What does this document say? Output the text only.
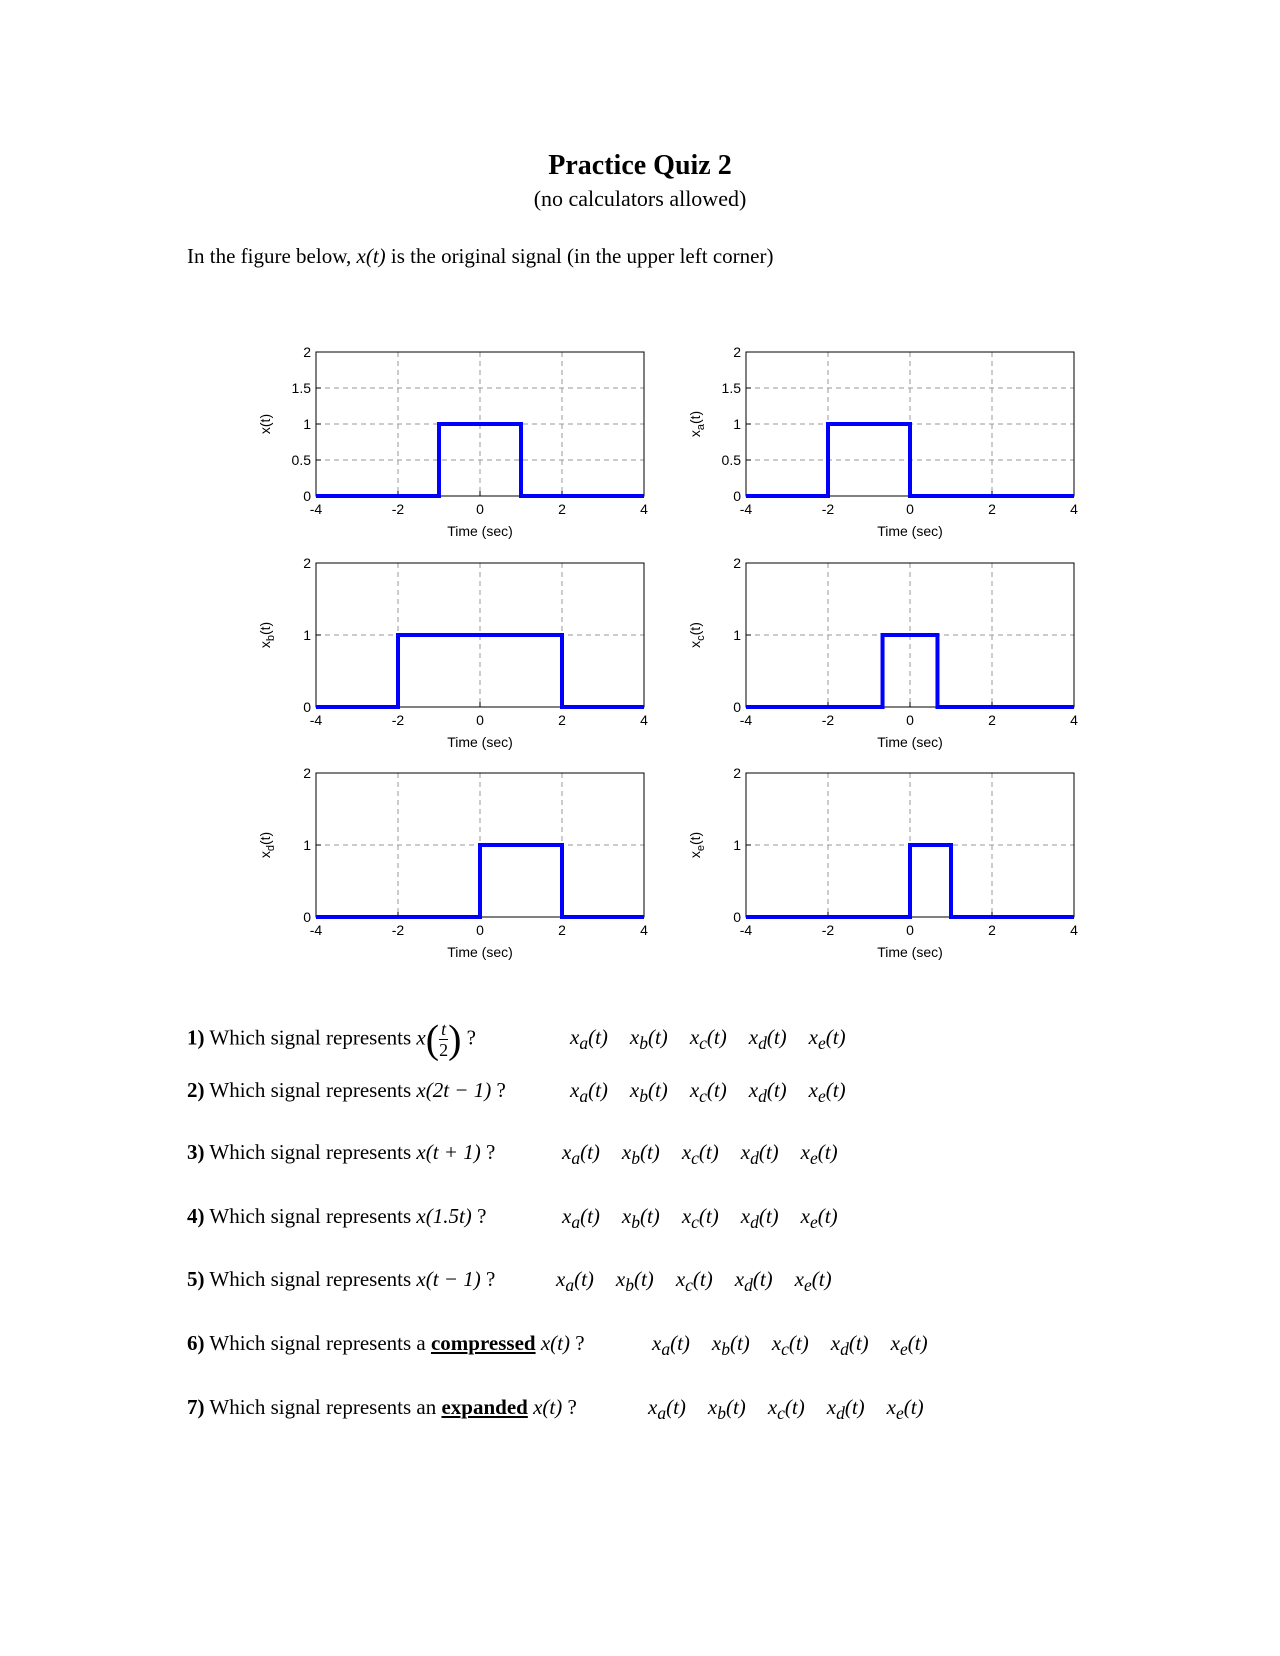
Practice Quiz 2
(no calculators allowed)
In the figure below, x(t) is the original signal (in the upper left corner)
x(t)
-4	-2	0	2	4
0
0.5
1
1.5
2
Time (sec)
$x_a(t)$
-4	-2	0	2	4
0
0.5
1
1.5
2
Time (sec)
$x_b(t)$
-4	-2	0	2	4
0
1
2
Time (sec)
$x_c(t)$
-4	-2	0	2	4
0
1
2
Time (sec)
$x_d(t)$
-4	-2	0	2	4
0
1
2
Time (sec)
$x_e(t)$
-4	-2	0	2	4
0
1
2
Time (sec)
1) Which signal represents $x( \frac{t}{2}$ ) ?	$x_a(t)$ $x_b(t)$ $x_c(t)$ $x_d(t)$ $x_e(t)$
2) Which signal represents x(2t − 1) ?	$x_a(t)$ $x_b(t)$ $x_c(t)$ $x_d(t)$ $x_e(t)$
3) Which signal represents x(t + 1) ?	$x_a(t)$ $x_b(t)$ $x_c(t)$ $x_d(t)$ $x_e(t)$
4) Which signal represents x(1.5t) ?	$x_a(t)$ $x_b(t)$ $x_c(t)$ $x_d(t)$ $x_e(t)$
5) Which signal represents x(t − 1) ?	$x_a(t)$ $x_b(t)$ $x_c(t)$ $x_d(t)$ $x_e(t)$
6) Which signal represents a compressed x(t) ?	$x_a(t)$ $x_b(t)$ $x_c(t)$ $x_d(t)$ $x_e(t)$
7) Which signal represents an expanded x(t) ?	$x_a(t)$ $x_b(t)$ $x_c(t)$ $x_d(t)$ $x_e(t)$
